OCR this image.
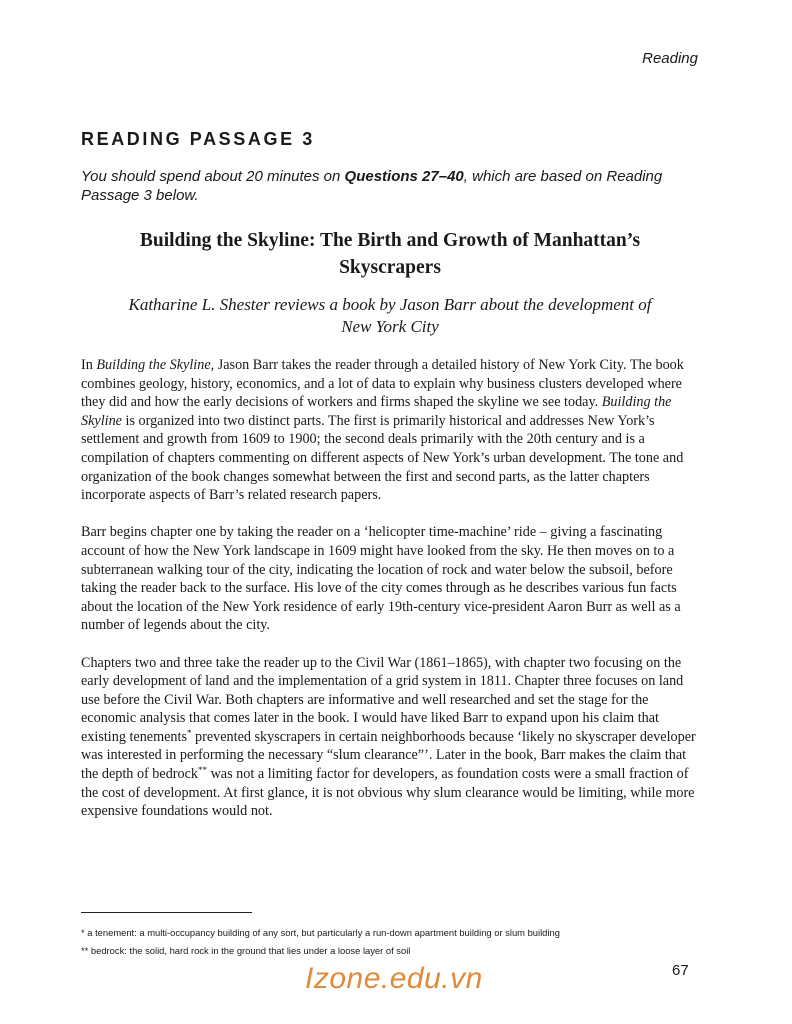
Reading
READING PASSAGE 3
You should spend about 20 minutes on Questions 27–40, which are based on Reading Passage 3 below.
Building the Skyline: The Birth and Growth of Manhattan’s
Skyscrapers
Katharine L. Shester reviews a book by Jason Barr about the development of
New York City

In Building the Skyline, Jason Barr takes the reader through a detailed history of New York City. The book combines geology, history, economics, and a lot of data to explain why business clusters developed where they did and how the early decisions of workers and firms shaped the skyline we see today. Building the Skyline is organized into two distinct parts. The first is primarily historical and addresses New York’s settlement and growth from 1609 to 1900; the second deals primarily with the 20th century and is a compilation of chapters commenting on different aspects of New York’s urban development. The tone and organization of the book changes somewhat between the first and second parts, as the latter chapters incorporate aspects of Barr’s related research papers.

Barr begins chapter one by taking the reader on a ‘helicopter time-machine’ ride – giving a fascinating account of how the New York landscape in 1609 might have looked from the sky. He then moves on to a subterranean walking tour of the city, indicating the location of rock and water below the subsoil, before taking the reader back to the surface. His love of the city comes through as he describes various fun facts about the location of the New York residence of early 19th-century vice-president Aaron Burr as well as a number of legends about the city.

Chapters two and three take the reader up to the Civil War (1861–1865), with chapter two focusing on the early development of land and the implementation of a grid system in 1811. Chapter three focuses on land use before the Civil War. Both chapters are informative and well researched and set the stage for the economic analysis that comes later in the book. I would have liked Barr to expand upon his claim that existing tenements* prevented skyscrapers in certain neighborhoods because ‘likely no skyscraper developer was interested in performing the necessary “slum clearance”’. Later in the book, Barr makes the claim that the depth of bedrock** was not a limiting factor for developers, as foundation costs were a small fraction of the cost of development. At first glance, it is not obvious why slum clearance would be limiting, while more expensive foundations would not.

* a tenement: a multi-occupancy building of any sort, but particularly a run-down apartment building or slum building
** bedrock: the solid, hard rock in the ground that lies under a loose layer of soil
67
Izone.edu.vn
